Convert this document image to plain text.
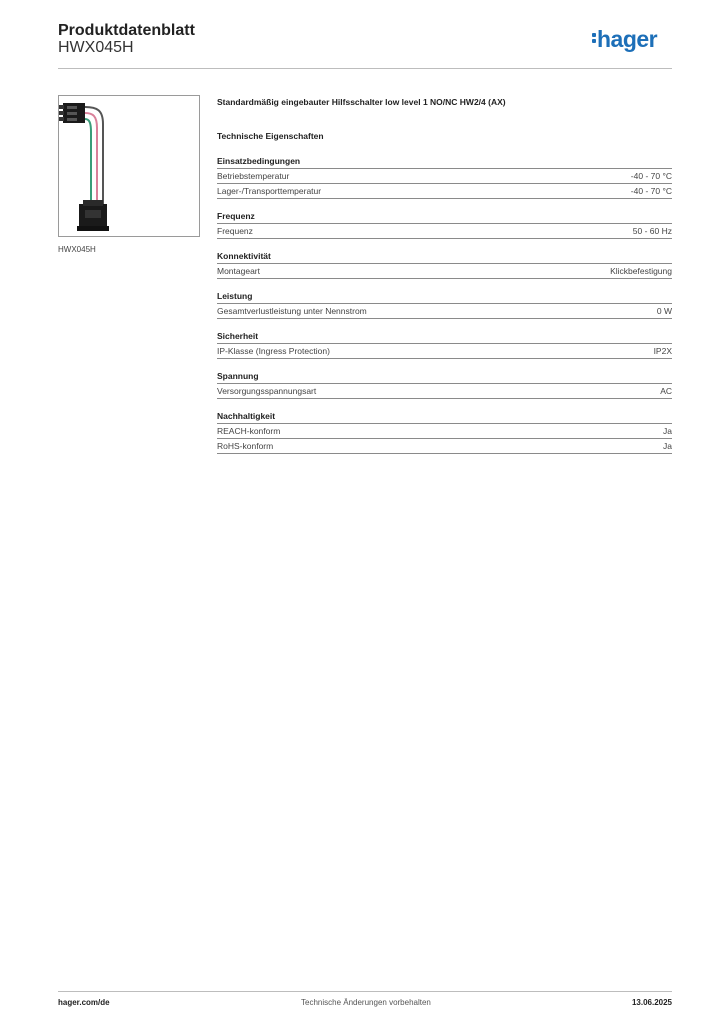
Produktdatenblatt
HWX045H	hager
HWX045H
Standardmäßig eingebauter Hilfsschalter low level 1 NO/NC HW2/4 (AX)
Technische Eigenschaften
Einsatzbedingungen
Betriebstemperatur	-40 - 70 °C
Lager-/Transporttemperatur	-40 - 70 °C
Frequenz
Frequenz	50 - 60 Hz
Konnektivität
Montageart	Klickbefestigung
Leistung
Gesamtverlustleistung unter Nennstrom	0 W
Sicherheit
IP-Klasse (Ingress Protection)	IP2X
Spannung
Versorgungsspannungsart	AC
Nachhaltigkeit
REACH-konform	Ja
RoHS-konform	Ja
hager.com/de	Technische Änderungen vorbehalten	13.06.2025
